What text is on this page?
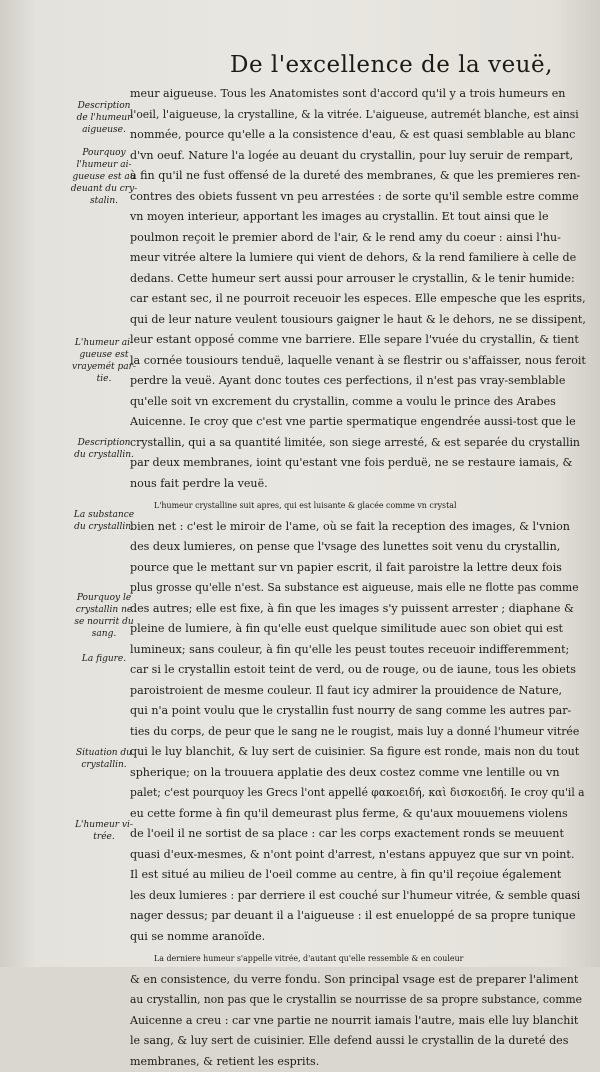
De l'excellence de la veuë,
Description
de l'humeur
aigueuse.
Pourquoy
l'humeur ai-
gueuse est au
deuant du cry-
stalin.
L'humeur ai-
gueuse est
vrayemét par-
tie.
Description
du crystallin.
La substance
du crystallin.
Pourquoy le
crystallin ne
se nourrit du
sang.
La figure.
Situation du
crystallin.
L'humeur vi-
trée.
meur aigueuse. Tous les Anatomistes sont d'accord qu'il y a trois humeurs en
l'oeil, l'aigueuse, la crystalline, & la vitrée. L'aigueuse, autremét blanche, est ainsi
nommée, pource qu'elle a la consistence d'eau, & est quasi semblable au blanc
d'vn oeuf. Nature l'a logée au deuant du crystallin, pour luy seruir de rempart,
à fin qu'il ne fust offensé de la dureté des membranes, & que les premieres ren-
contres des obiets fussent vn peu arrestées : de sorte qu'il semble estre comme
vn moyen interieur, apportant les images au crystallin. Et tout ainsi que le
poulmon reçoit le premier abord de l'air, & le rend amy du coeur : ainsi l'hu-
meur vitrée altere la lumiere qui vient de dehors, & la rend familiere à celle de
dedans. Cette humeur sert aussi pour arrouser le crystallin, & le tenir humide:
car estant sec, il ne pourroit receuoir les especes. Elle empesche que les esprits,
qui de leur nature veulent tousiours gaigner le haut & le dehors, ne se dissipent,
leur estant opposé comme vne barriere. Elle separe l'vuée du crystallin, & tient
la cornée tousiours tenduë, laquelle venant à se flestrir ou s'affaisser, nous feroit
perdre la veuë. Ayant donc toutes ces perfections, il n'est pas vray-semblable
qu'elle soit vn excrement du crystallin, comme a voulu le prince des Arabes
Auicenne. Ie croy que c'est vne partie spermatique engendrée aussi-tost que le
crystallin, qui a sa quantité limitée, son siege arresté, & est separée du crystallin
par deux membranes, ioint qu'estant vne fois perduë, ne se restaure iamais, &
nous fait perdre la veuë.
L'humeur crystalline suit apres, qui est luisante & glacée comme vn crystal
bien net : c'est le miroir de l'ame, où se fait la reception des images, & l'vnion
des deux lumieres, on pense que l'vsage des lunettes soit venu du crystallin,
pource que le mettant sur vn papier escrit, il fait paroistre la lettre deux fois
plus grosse qu'elle n'est. Sa substance est aigueuse, mais elle ne flotte pas comme
des autres; elle est fixe, à fin que les images s'y puissent arrester ; diaphane &
pleine de lumiere, à fin qu'elle eust quelque similitude auec son obiet qui est
lumineux; sans couleur, à fin qu'elle les peust toutes receuoir indifferemment;
car si le crystallin estoit teint de verd, ou de rouge, ou de iaune, tous les obiets
paroistroient de mesme couleur. Il faut icy admirer la prouidence de Nature,
qui n'a point voulu que le crystallin fust nourry de sang comme les autres par-
ties du corps, de peur que le sang ne le rougist, mais luy a donné l'humeur vitrée
qui le luy blanchit, & luy sert de cuisinier. Sa figure est ronde, mais non du tout
spherique; on la trouuera applatie des deux costez comme vne lentille ou vn
palet; c'est pourquoy les Grecs l'ont appellé φακοειδή, καὶ δισκοειδή. Ie croy qu'il a
eu cette forme à fin qu'il demeurast plus ferme, & qu'aux mouuemens violens
de l'oeil il ne sortist de sa place : car les corps exactement ronds se meuuent
quasi d'eux-mesmes, & n'ont point d'arrest, n'estans appuyez que sur vn point.
Il est situé au milieu de l'oeil comme au centre, à fin qu'il reçoiue également
les deux lumieres : par derriere il est couché sur l'humeur vitrée, & semble quasi
nager dessus; par deuant il a l'aigueuse : il est enueloppé de sa propre tunique
qui se nomme aranoïde.
La derniere humeur s'appelle vitrée, d'autant qu'elle ressemble & en couleur
& en consistence, du verre fondu. Son principal vsage est de preparer l'aliment
au crystallin, non pas que le crystallin se nourrisse de sa propre substance, comme
Auicenne a creu : car vne partie ne nourrit iamais l'autre, mais elle luy blanchit
le sang, & luy sert de cuisinier. Elle defend aussi le crystallin de la dureté des
membranes, & retient les esprits.
